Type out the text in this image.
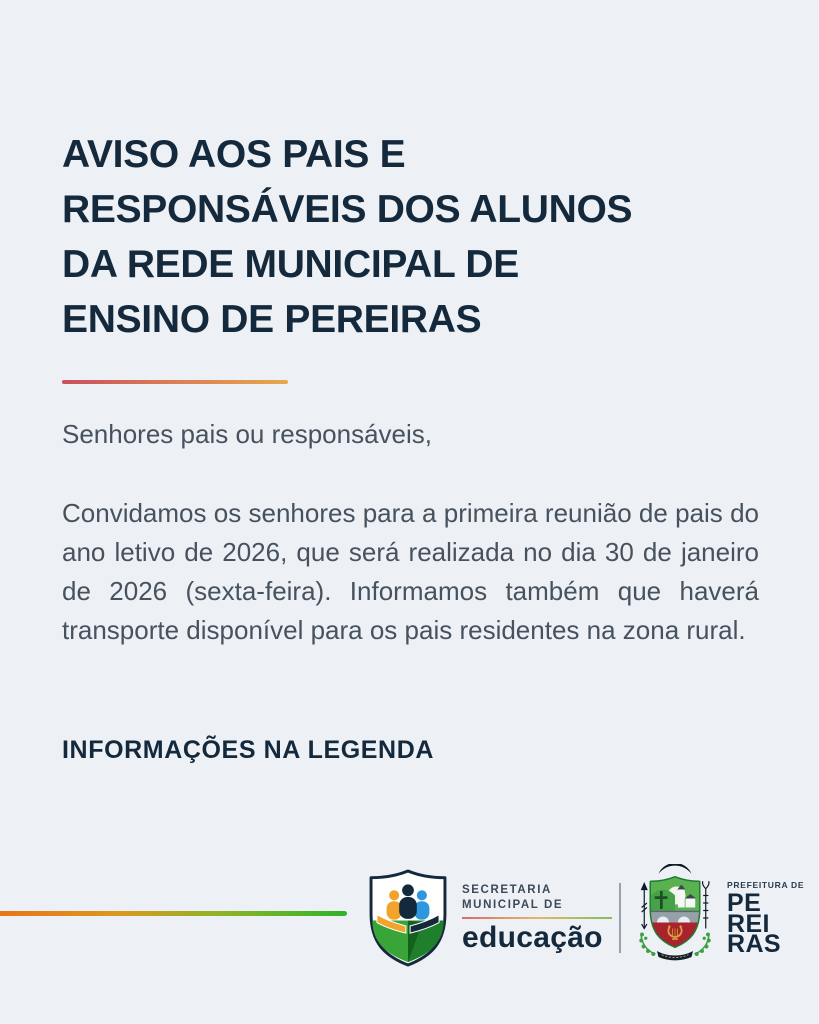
AVISO AOS PAIS E
RESPONSÁVEIS DOS ALUNOS
DA REDE MUNICIPAL DE
ENSINO DE PEREIRAS

Senhores pais ou responsáveis,

Convidamos os senhores para a primeira reunião de pais do ano letivo de 2026, que será realizada no dia 30 de janeiro de 2026 (sexta-feira). Informamos também que haverá transporte disponível para os pais residentes na zona rural.

INFORMAÇÕES NA LEGENDA

SECRETARIA
MUNICIPAL DE
educação
PREFEITURA DE
PE
REI
RAS
